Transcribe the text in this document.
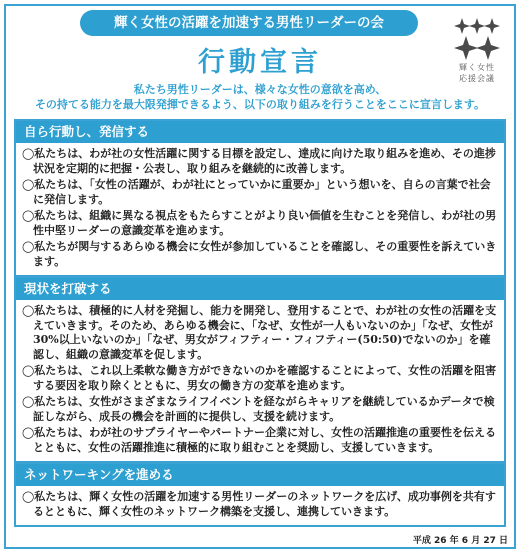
輝く女性の活躍を加速する男性リーダーの会
行動宣言
私たち男性リーダーは、様々な女性の意欲を高め、
その持てる能力を最大限発揮できるよう、以下の取り組みを行うことをここに宣言します。
輝く女性
応援会議
自ら行動し、発信する
◯私たちは、わが社の女性活躍に関する目標を設定し、達成に向けた取り組みを進め、その進捗状況を定期的に把握・公表し、取り組みを継続的に改善します。
◯私たちは、「女性の活躍が、わが社にとっていかに重要か」という想いを、自らの言葉で社会に発信します。
◯私たちは、組織に異なる視点をもたらすことがより良い価値を生むことを発信し、わが社の男性中堅リーダーの意識変革を進めます。
◯私たちが関与するあらゆる機会に女性が参加していることを確認し、その重要性を訴えていきます。
現状を打破する
◯私たちは、積極的に人材を発掘し、能力を開発し、登用することで、わが社の女性の活躍を支えていきます。そのため、あらゆる機会に、「なぜ、女性が一人もいないのか」「なぜ、女性が30%以上いないのか」「なぜ、男女がフィフティー・フィフティー(50:50)でないのか」を確認し、組織の意識変革を促します。
◯私たちは、これ以上柔軟な働き方ができないのかを確認することによって、女性の活躍を阻害する要因を取り除くとともに、男女の働き方の変革を進めます。
◯私たちは、女性がさまざまなライフイベントを経ながらキャリアを継続しているかデータで検証しながら、成長の機会を計画的に提供し、支援を続けます。
◯私たちは、わが社のサプライヤーやパートナー企業に対し、女性の活躍推進の重要性を伝えるとともに、女性の活躍推進に積極的に取り組むことを奨励し、支援していきます。
ネットワーキングを進める
◯私たちは、輝く女性の活躍を加速する男性リーダーのネットワークを広げ、成功事例を共有するとともに、輝く女性のネットワーク構築を支援し、連携していきます。
平成 26 年 6 月 27 日
